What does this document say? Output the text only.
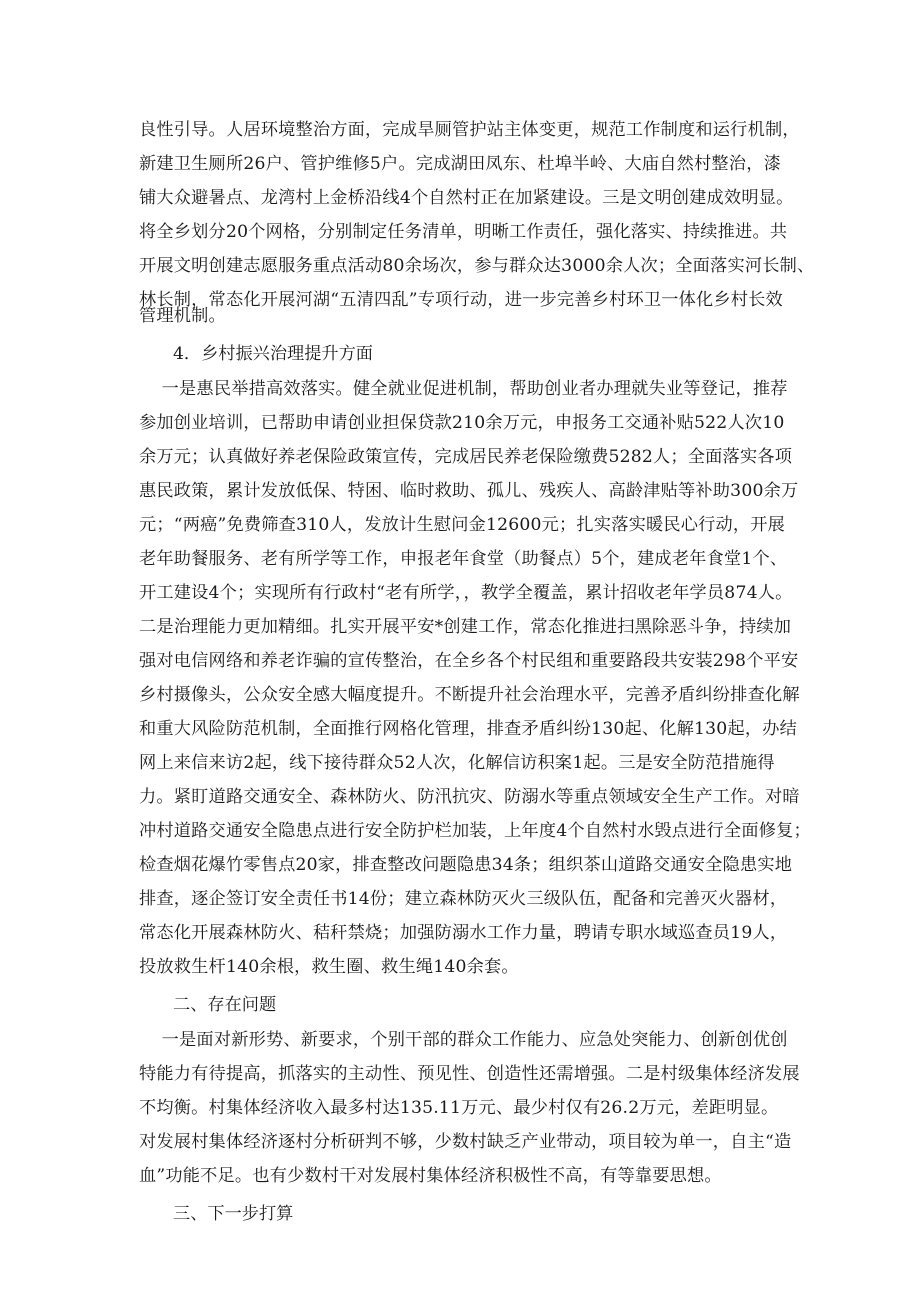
良性引导。人居环境整治方面，完成旱厕管护站主体变更，规范工作制度和运行机制，
新建卫生厕所26户、管护维修5户。完成湖田凤东、杜埠半岭、大庙自然村整治，漆
铺大众避暑点、龙湾村上金桥沿线4个自然村正在加紧建设。三是文明创建成效明显。
将全乡划分20个网格，分别制定任务清单，明晰工作责任，强化落实、持续推进。共
开展文明创建志愿服务重点活动80余场次，参与群众达3000余人次；全面落实河长制、
林长制，常态化开展河湖“五清四乱”专项行动，进一步完善乡村环卫一体化乡村长效
管理机制。
4．乡村振兴治理提升方面
一是惠民举措高效落实。健全就业促进机制，帮助创业者办理就失业等登记，推荐
参加创业培训，已帮助申请创业担保贷款210余万元，申报务工交通补贴522人次10
余万元；认真做好养老保险政策宣传，完成居民养老保险缴费5282人；全面落实各项
惠民政策，累计发放低保、特困、临时救助、孤儿、残疾人、高龄津贴等补助300余万
元；“两癌”免费筛查310人，发放计生慰问金12600元；扎实落实暖民心行动，开展
老年助餐服务、老有所学等工作，申报老年食堂（助餐点）5个，建成老年食堂1个、
开工建设4个；实现所有行政村“老有所学，，教学全覆盖，累计招收老年学员874人。
二是治理能力更加精细。扎实开展平安*创建工作，常态化推进扫黑除恶斗争，持续加
强对电信网络和养老诈骗的宣传整治，在全乡各个村民组和重要路段共安装298个平安
乡村摄像头，公众安全感大幅度提升。不断提升社会治理水平，完善矛盾纠纷排查化解
和重大风险防范机制，全面推行网格化管理，排查矛盾纠纷130起、化解130起，办结
网上来信来访2起，线下接待群众52人次，化解信访积案1起。三是安全防范措施得
力。紧盯道路交通安全、森林防火、防汛抗灾、防溺水等重点领域安全生产工作。对暗
冲村道路交通安全隐患点进行安全防护栏加装，上年度4个自然村水毁点进行全面修复；
检查烟花爆竹零售点20家，排查整改问题隐患34条；组织茶山道路交通安全隐患实地
排查，逐企签订安全责任书14份；建立森林防灭火三级队伍，配备和完善灭火器材，
常态化开展森林防火、秸秆禁烧；加强防溺水工作力量，聘请专职水域巡查员19人，
投放救生杆140余根，救生圈、救生绳140余套。
二、存在问题
一是面对新形势、新要求，个别干部的群众工作能力、应急处突能力、创新创优创
特能力有待提高，抓落实的主动性、预见性、创造性还需增强。二是村级集体经济发展
不均衡。村集体经济收入最多村达135.11万元、最少村仅有26.2万元，差距明显。
对发展村集体经济逐村分析研判不够，少数村缺乏产业带动，项目较为单一，自主“造
血”功能不足。也有少数村干对发展村集体经济积极性不高，有等靠要思想。
三、下一步打算
